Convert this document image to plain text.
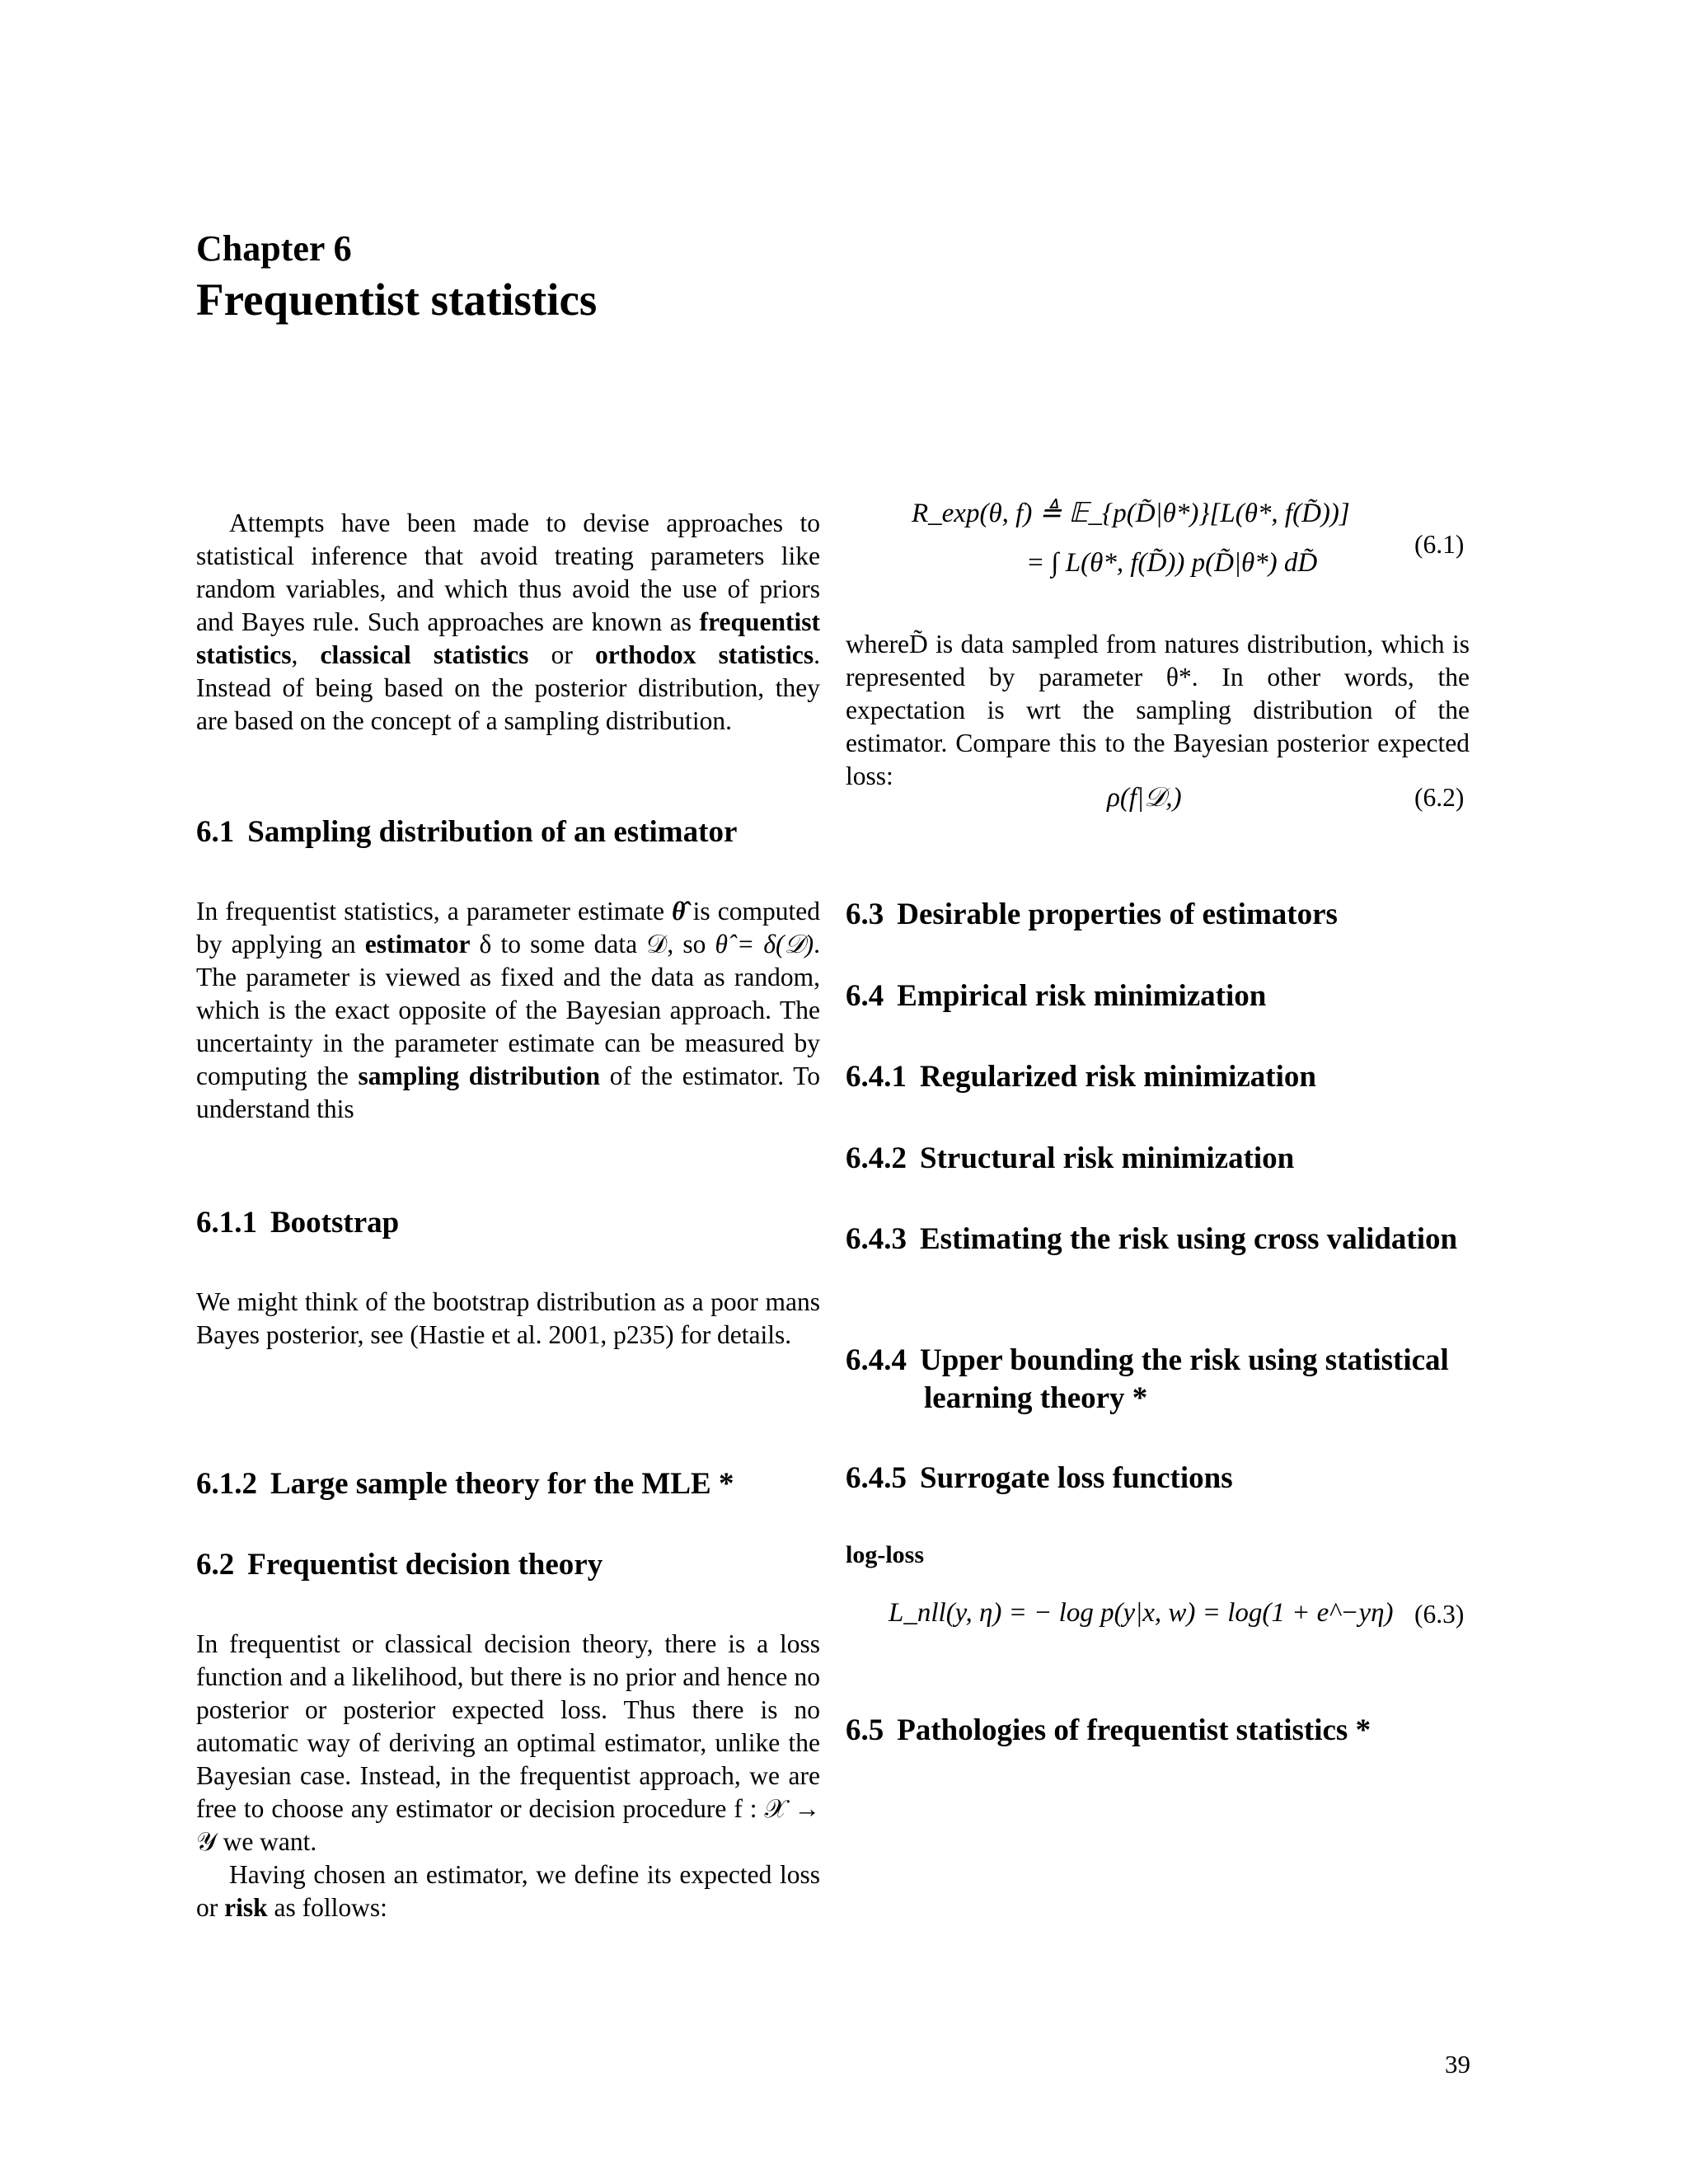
Chapter 6
Frequentist statistics

Attempts have been made to devise approaches to statistical inference that avoid treating parameters like random variables, and which thus avoid the use of priors and Bayes rule. Such approaches are known as frequentist statistics, classical statistics or orthodox statistics. Instead of being based on the posterior distribution, they are based on the concept of a sampling distribution.

6.1 Sampling distribution of an estimator

In frequentist statistics, a parameter estimate θ̂ is computed by applying an estimator δ to some data 𝒟, so θ̂ = δ(𝒟). The parameter is viewed as fixed and the data as random, which is the exact opposite of the Bayesian approach. The uncertainty in the parameter estimate can be measured by computing the sampling distribution of the estimator. To understand this

6.1.1 Bootstrap

We might think of the bootstrap distribution as a poor mans Bayes posterior, see (Hastie et al. 2001, p235) for details.

6.1.2 Large sample theory for the MLE *
6.2 Frequentist decision theory

In frequentist or classical decision theory, there is a loss function and a likelihood, but there is no prior and hence no posterior or posterior expected loss. Thus there is no automatic way of deriving an optimal estimator, unlike the Bayesian case. Instead, in the frequentist approach, we are free to choose any estimator or decision procedure f : 𝒳 → 𝒴 we want.

Having chosen an estimator, we define its expected loss or risk as follows:

R_exp(θ, f) ≜ 𝔼_{p(D̃|θ*)}[L(θ*, f(D̃))]
= ∫ L(θ*, f(D̃)) p(D̃|θ*) dD̃
(6.1)

whereD̃ is data sampled from natures distribution, which is represented by parameter θ*. In other words, the expectation is wrt the sampling distribution of the estimator. Compare this to the Bayesian posterior expected loss:

ρ(f|𝒟,)	(6.2)
6.3 Desirable properties of estimators
6.4 Empirical risk minimization
6.4.1 Regularized risk minimization
6.4.2 Structural risk minimization
6.4.3 Estimating the risk using cross validation
6.4.4 Upper bounding the risk using statistical learning theory *
6.4.5 Surrogate loss functions

log-loss

L_nll(y, η) = − log p(y|x, w) = log(1 + e^−yη) (6.3)
6.5 Pathologies of frequentist statistics *
39
